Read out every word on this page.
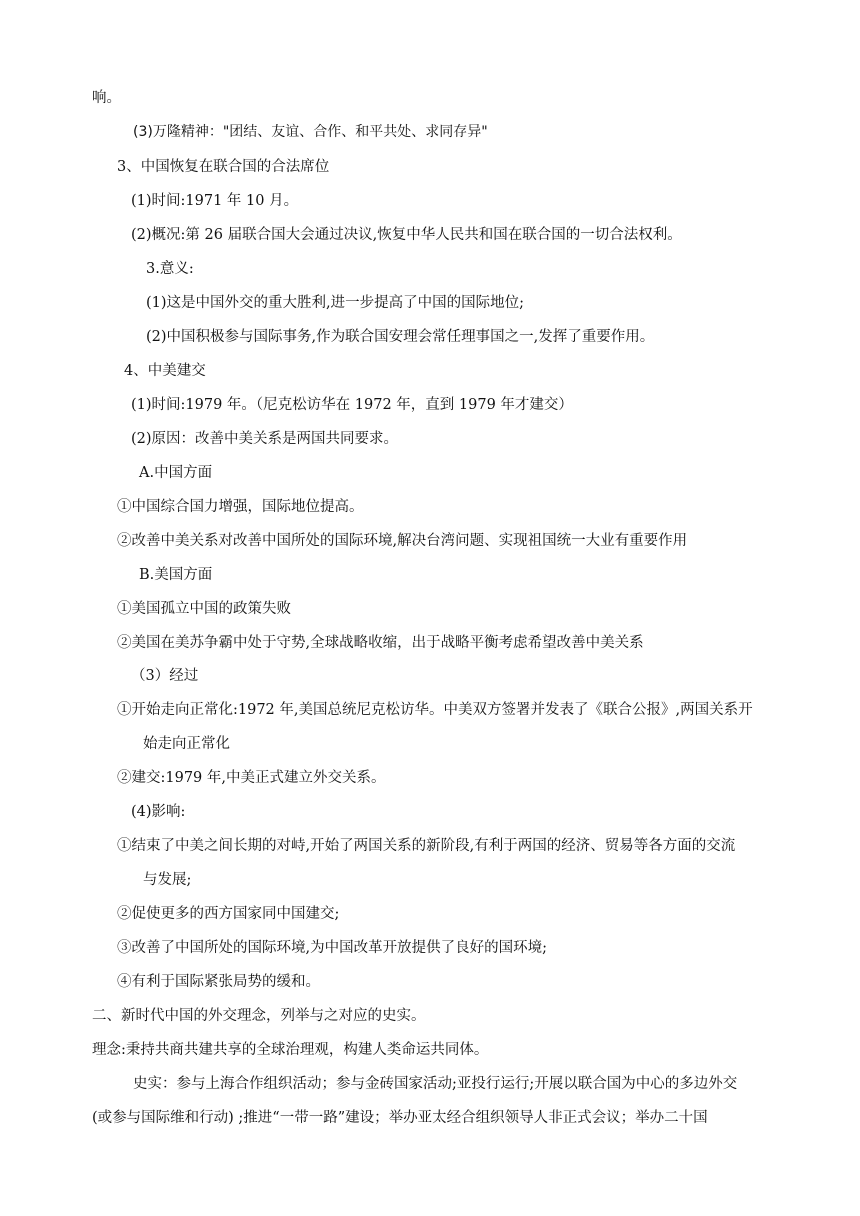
响。
(3)万隆精神："团结、友谊、合作、和平共处、求同存异"
3、中国恢复在联合国的合法席位
(1)时间:1971 年 10 月。
(2)概况:第 26 届联合国大会通过决议,恢复中华人民共和国在联合国的一切合法权利。
3.意义:
(1)这是中国外交的重大胜利,进一步提高了中国的国际地位;
(2)中国积极参与国际事务,作为联合国安理会常任理事国之一,发挥了重要作用。
4、中美建交
(1)时间:1979 年。（尼克松访华在 1972 年，直到 1979 年才建交）
(2)原因：改善中美关系是两国共同要求。
A.中国方面
①中国综合国力增强，国际地位提高。
②改善中美关系对改善中国所处的国际环境,解决台湾问题、实现祖国统一大业有重要作用
B.美国方面
①美国孤立中国的政策失败
②美国在美苏争霸中处于守势,全球战略收缩，出于战略平衡考虑希望改善中美关系
（3）经过
①开始走向正常化:1972 年,美国总统尼克松访华。中美双方签署并发表了《联合公报》,两国关系开
始走向正常化
②建交:1979 年,中美正式建立外交关系。
(4)影响:
①结束了中美之间长期的对峙,开始了两国关系的新阶段,有利于两国的经济、贸易等各方面的交流
与发展;
②促使更多的西方国家同中国建交;
③改善了中国所处的国际环境,为中国改革开放提供了良好的国环境;
④有利于国际紧张局势的缓和。
二、新时代中国的外交理念，列举与之对应的史实。
理念:秉持共商共建共享的全球治理观，构建人类命运共同体。
史实：参与上海合作组织活动；参与金砖国家活动;亚投行运行;开展以联合国为中心的多边外交
(或参与国际维和行动) ;推进“一带一路”建设；举办亚太经合组织领导人非正式会议；举办二十国
